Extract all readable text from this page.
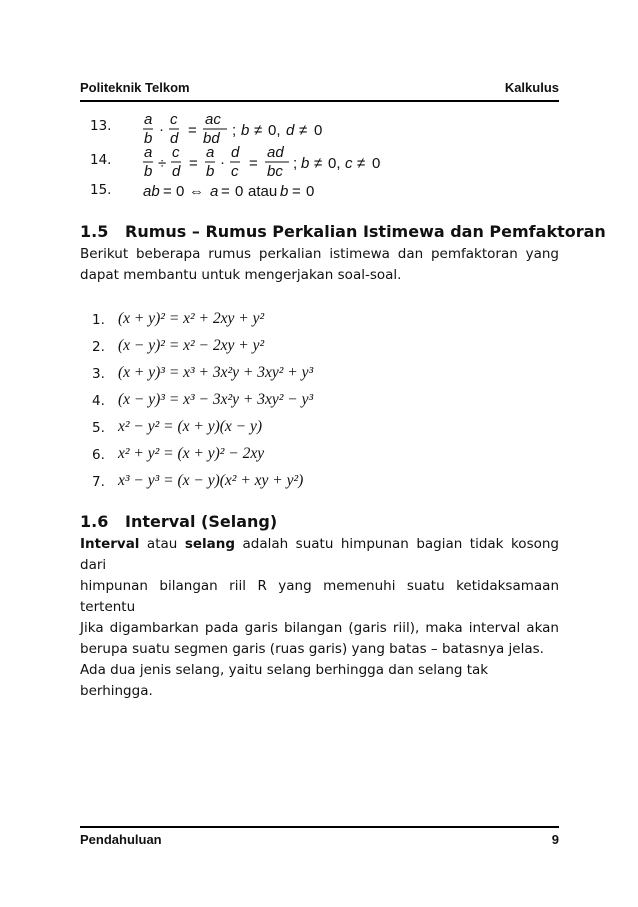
Politeknik Telkom	Kalkulus
13. a
b
·
c
d =
ac
bd ; b ≠ 0, d ≠ 0
14. a
b ÷
c
d =
a
b
·
d
c =
ad
bc ; b ≠ 0, c ≠ 0
15. ab = 0 ⇔ a = 0 atau b = 0
1.5 Rumus – Rumus Perkalian Istimewa dan Pemfaktoran
Berikut beberapa rumus perkalian istimewa dan pemfaktoran yang
dapat membantu untuk mengerjakan soal-soal.
1. (x + y)² = x² + 2xy + y²
2. (x − y)² = x² − 2xy + y²
3. (x + y)³ = x³ + 3x²y + 3xy² + y³
4. (x − y)³ = x³ − 3x²y + 3xy² − y³
5. x² − y² = (x + y)(x − y)
6. x² + y² = (x + y)² − 2xy
7. x³ − y³ = (x − y)(x² + xy + y²)
1.6 Interval (Selang)
Interval atau selang adalah suatu himpunan bagian tidak kosong dari
himpunan bilangan riil R yang memenuhi suatu ketidaksamaan
tertentu
Jika digambarkan pada garis bilangan (garis riil), maka interval akan
berupa suatu segmen garis (ruas garis) yang batas – batasnya jelas.
Ada dua jenis selang, yaitu selang berhingga dan selang tak berhingga.
Pendahuluan	9
